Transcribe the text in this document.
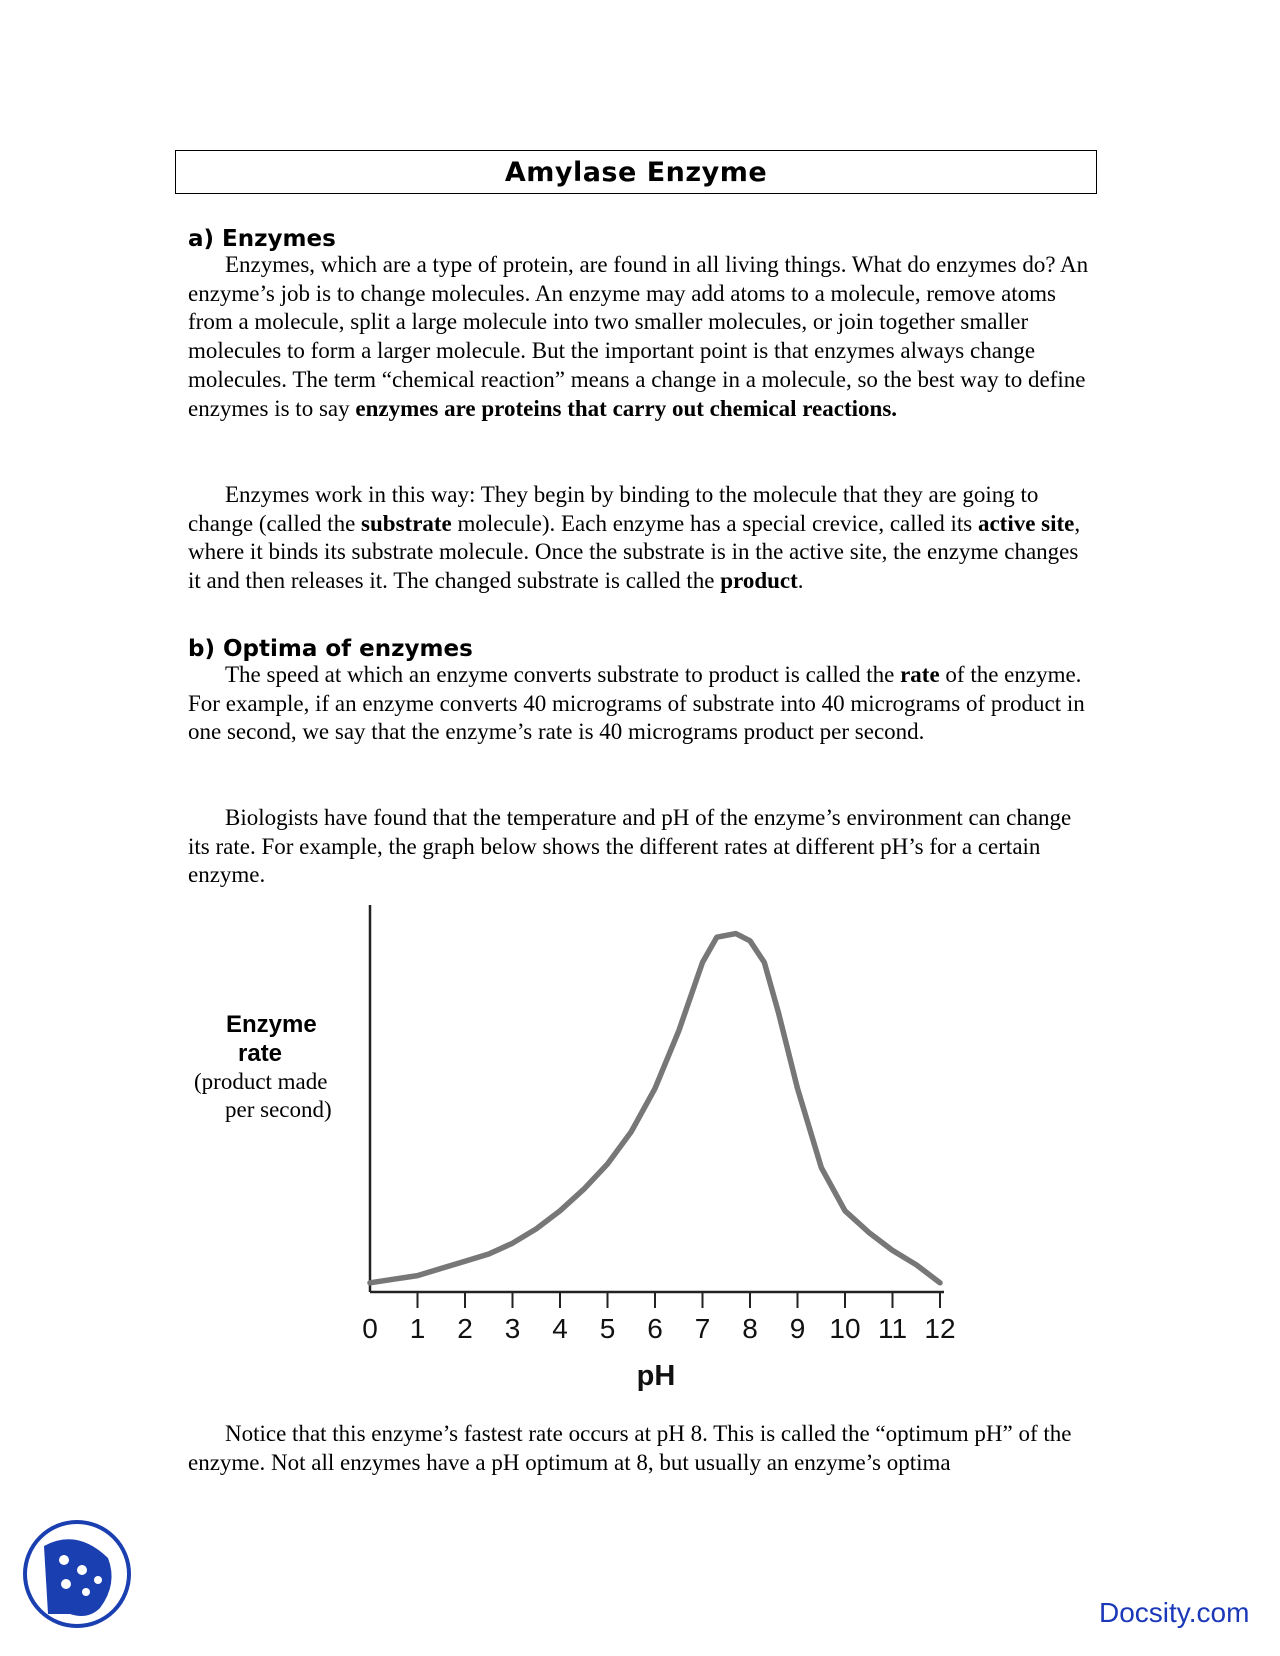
Amylase Enzyme
a) Enzymes
Enzymes, which are a type of protein, are found in all living things. What do enzymes do? An enzyme’s job is to change molecules. An enzyme may add atoms to a molecule, remove atoms from a molecule, split a large molecule into two smaller molecules, or join together smaller molecules to form a larger molecule. But the important point is that enzymes always change molecules. The term “chemical reaction” means a change in a molecule, so the best way to define enzymes is to say enzymes are proteins that carry out chemical reactions.
Enzymes work in this way: They begin by binding to the molecule that they are going to change (called the substrate molecule). Each enzyme has a special crevice, called its active site, where it binds its substrate molecule. Once the substrate is in the active site, the enzyme changes it and then releases it. The changed substrate is called the product.
b) Optima of enzymes
The speed at which an enzyme converts substrate to product is called the rate of the enzyme. For example, if an enzyme converts 40 micrograms of substrate into 40 micrograms of product in one second, we say that the enzyme’s rate is 40 micrograms product per second.
Biologists have found that the temperature and pH of the enzyme’s environment can change its rate. For example, the graph below shows the different rates at different pH’s for a certain enzyme.
Enzyme
rate
(product made
per second)
0 1 2 3 4 5 6 7 8 9 10 11 12
pH
Notice that this enzyme’s fastest rate occurs at pH 8. This is called the “optimum pH” of the enzyme. Not all enzymes have a pH optimum at 8, but usually an enzyme’s optima
Docsity.com
